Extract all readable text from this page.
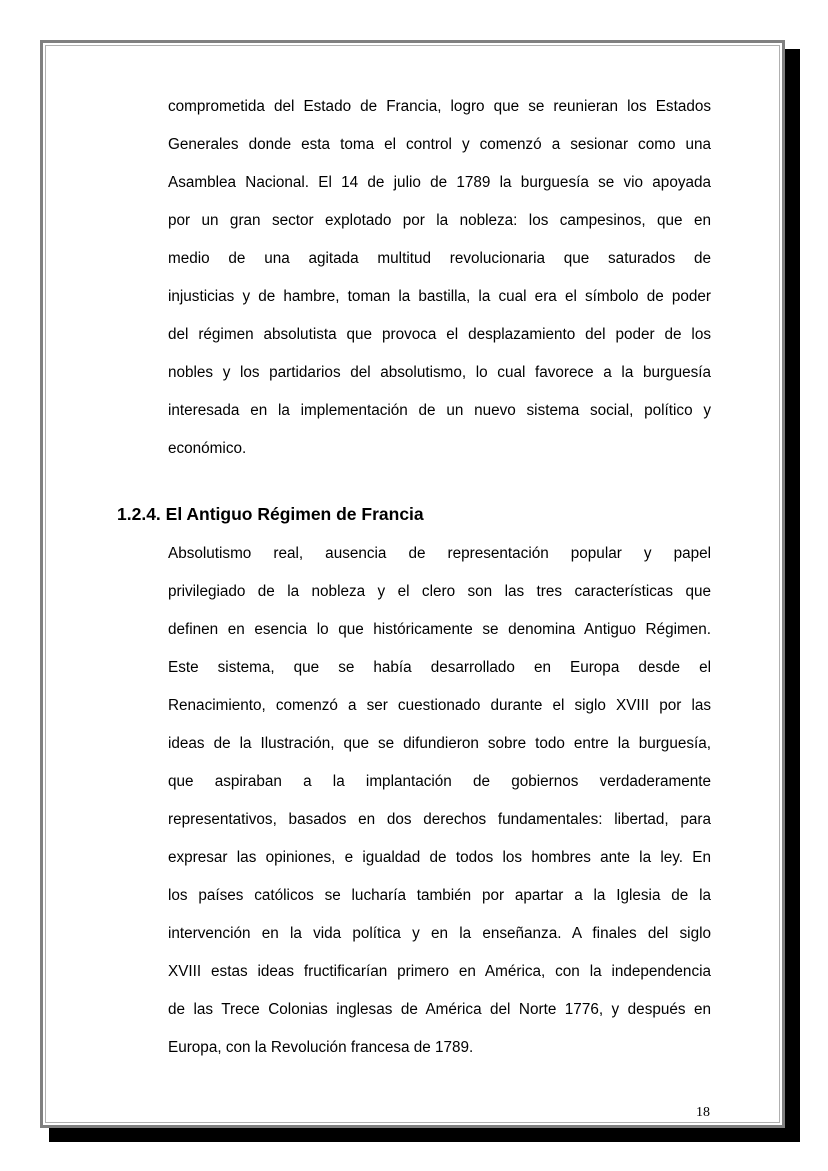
comprometida del Estado de Francia, logro que se reunieran los Estados
Generales donde esta toma el control y comenzó a sesionar como una
Asamblea Nacional. El 14 de julio de 1789 la burguesía se vio apoyada
por un gran sector explotado por la nobleza: los campesinos, que en
medio de una agitada multitud revolucionaria que saturados de
injusticias y de hambre, toman la bastilla, la cual era el símbolo de poder
del régimen absolutista que provoca el desplazamiento del poder de los
nobles y los partidarios del absolutismo, lo cual favorece a la burguesía
interesada en la implementación de un nuevo sistema social, político y
económico.
1.2.4. El Antiguo Régimen de Francia
Absolutismo real, ausencia de representación popular y papel
privilegiado de la nobleza y el clero son las tres características que
definen en esencia lo que históricamente se denomina Antiguo Régimen.
Este sistema, que se había desarrollado en Europa desde el
Renacimiento, comenzó a ser cuestionado durante el siglo XVIII por las
ideas de la Ilustración, que se difundieron sobre todo entre la burguesía,
que aspiraban a la implantación de gobiernos verdaderamente
representativos, basados en dos derechos fundamentales: libertad, para
expresar las opiniones, e igualdad de todos los hombres ante la ley. En
los países católicos se lucharía también por apartar a la Iglesia de la
intervención en la vida política y en la enseñanza. A finales del siglo
XVIII estas ideas fructificarían primero en América, con la independencia
de las Trece Colonias inglesas de América del Norte 1776, y después en
Europa, con la Revolución francesa de 1789.
18
